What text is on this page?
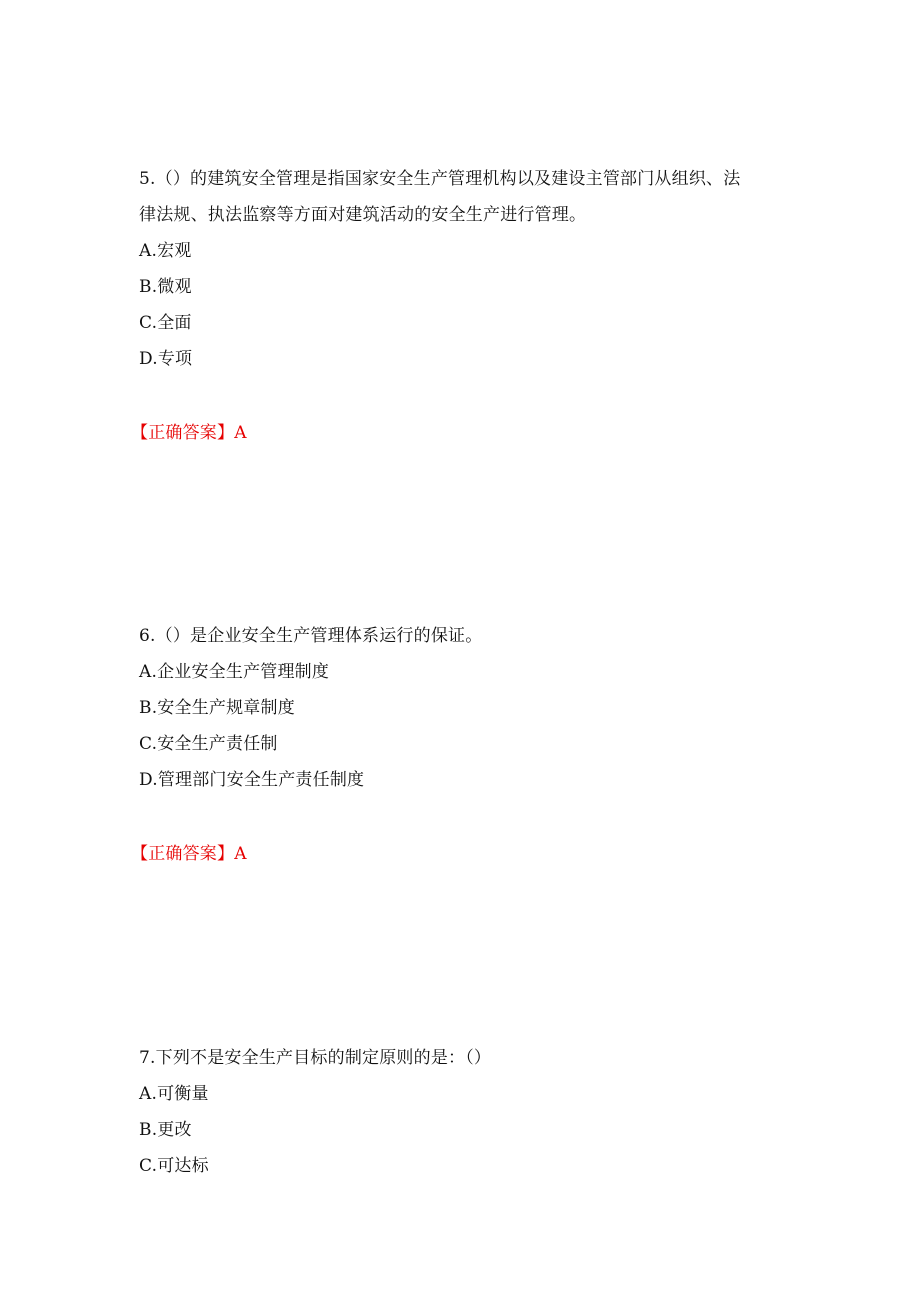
5.（）的建筑安全管理是指国家安全生产管理机构以及建设主管部门从组织、法
律法规、执法监察等方面对建筑活动的安全生产进行管理。
A.宏观
B.微观
C.全面
D.专项
【正确答案】A
6.（）是企业安全生产管理体系运行的保证。
A.企业安全生产管理制度
B.安全生产规章制度
C.安全生产责任制
D.管理部门安全生产责任制度
【正确答案】A
7.下列不是安全生产目标的制定原则的是：（）
A.可衡量
B.更改
C.可达标
